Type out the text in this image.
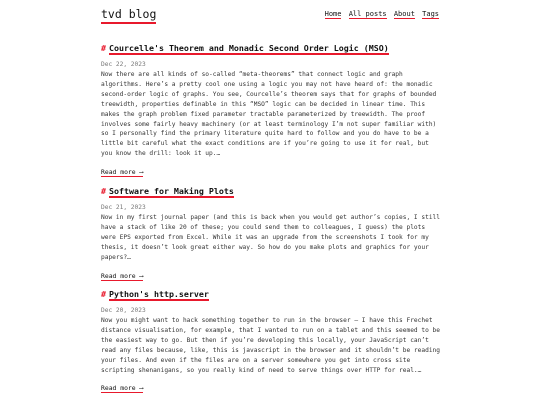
tvd blog	Home All posts About Tags
# Courcelle's Theorem and Monadic Second Order Logic (MSO)
Dec 22, 2023
Now there are all kinds of so-called “meta-theorems” that connect logic and graph algorithms. Here’s a pretty cool one using a logic you may not have heard of: the monadic second-order logic of graphs. You see, Courcelle’s theorem says that for graphs of bounded treewidth, properties definable in this “MSO” logic can be decided in linear time. This makes the graph problem fixed parameter tractable parameterized by treewidth. The proof involves some fairly heavy machinery (or at least terminology I’m not super familiar with) so I personally find the primary literature quite hard to follow and you do have to be a little bit careful what the exact conditions are if you’re going to use it for real, but you know the drill: look it up.…
Read more ⟶
# Software for Making Plots
Dec 21, 2023
Now in my first journal paper (and this is back when you would get author’s copies, I still have a stack of like 20 of these; you could send them to colleagues, I guess) the plots were EPS exported from Excel. While it was an upgrade from the screenshots I took for my thesis, it doesn’t look great either way. So how do you make plots and graphics for your papers?…
Read more ⟶
# Python's http.server
Dec 20, 2023
Now you might want to hack something together to run in the browser – I have this Frechet distance visualisation, for example, that I wanted to run on a tablet and this seemed to be the easiest way to go. But then if you’re developing this locally, your JavaScript can’t read any files because, like, this is javascript in the browser and it shouldn’t be reading your files. And even if the files are on a server somewhere you get into cross site scripting shenanigans, so you really kind of need to serve things over HTTP for real.…
Read more ⟶
